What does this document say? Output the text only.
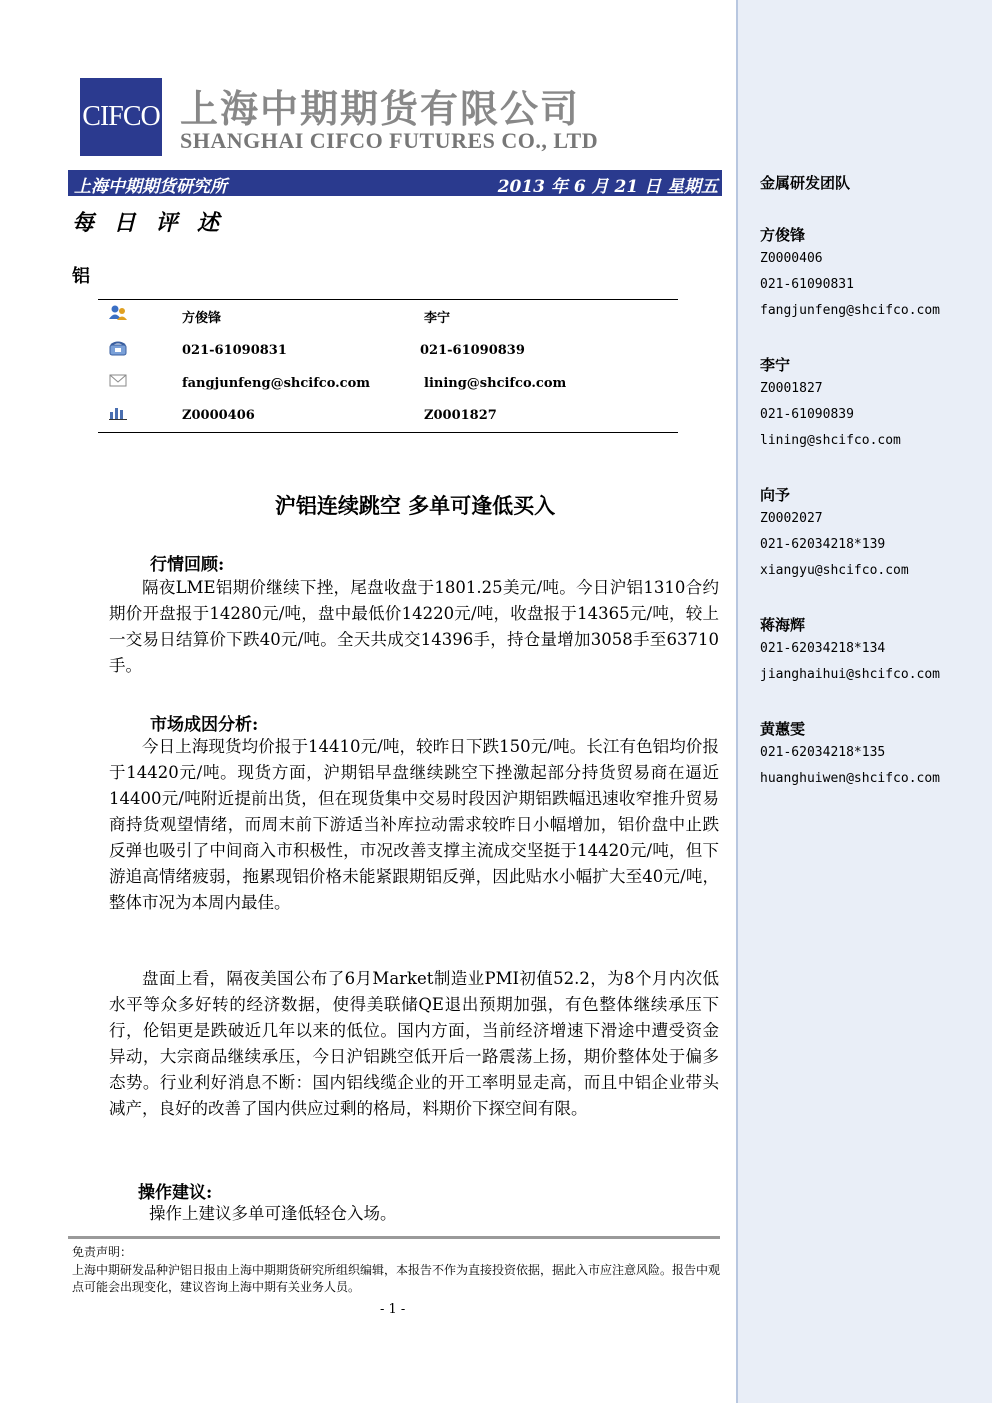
CIFCO 上海中期期货有限公司
SHANGHAI CIFCO FUTURES CO., LTD
上海中期期货研究所	2013 年 6 月 21 日 星期五
每 日 评 述
铝
方俊锋	李宁
021-61090831	021-61090839
fangjunfeng@shcifco.com	lining@shcifco.com
Z0000406	Z0001827
沪铝连续跳空 多单可逢低买入
行情回顾:
隔夜LME铝期价继续下挫，尾盘收盘于1801.25美元/吨。今日沪铝1310合约期价开盘报于14280元/吨，盘中最低价14220元/吨，收盘报于14365元/吨，较上一交易日结算价下跌40元/吨。全天共成交14396手，持仓量增加3058手至63710手。
市场成因分析:
今日上海现货均价报于14410元/吨，较昨日下跌150元/吨。长江有色铝均价报于14420元/吨。现货方面，沪期铝早盘继续跳空下挫激起部分持货贸易商在逼近14400元/吨附近提前出货，但在现货集中交易时段因沪期铝跌幅迅速收窄推升贸易商持货观望情绪，而周末前下游适当补库拉动需求较昨日小幅增加，铝价盘中止跌反弹也吸引了中间商入市积极性，市况改善支撑主流成交坚挺于14420元/吨，但下游追高情绪疲弱，拖累现铝价格未能紧跟期铝反弹，因此贴水小幅扩大至40元/吨，整体市况为本周内最佳。
盘面上看，隔夜美国公布了6月Market制造业PMI初值52.2，为8个月内次低水平等众多好转的经济数据，使得美联储QE退出预期加强，有色整体继续承压下行，伦铝更是跌破近几年以来的低位。国内方面，当前经济增速下滑途中遭受资金异动，大宗商品继续承压，今日沪铝跳空低开后一路震荡上扬，期价整体处于偏多态势。行业利好消息不断：国内铝线缆企业的开工率明显走高，而且中铝企业带头减产，良好的改善了国内供应过剩的格局，料期价下探空间有限。
操作建议:
操作上建议多单可逢低轻仓入场。
免责声明：
上海中期研发品种沪铝日报由上海中期期货研究所组织编辑，本报告不作为直接投资依据，据此入市应注意风险。报告中观点可能会出现变化，建议咨询上海中期有关业务人员。
- 1 -
金属研发团队
方俊锋
Z0000406
021-61090831
fangjunfeng@shcifco.com
李宁
Z0001827
021-61090839
lining@shcifco.com
向予
Z0002027
021-62034218*139
xiangyu@shcifco.com
蒋海辉
021-62034218*134
jianghaihui@shcifco.com
黄蕙雯
021-62034218*135
huanghuiwen@shcifco.com
